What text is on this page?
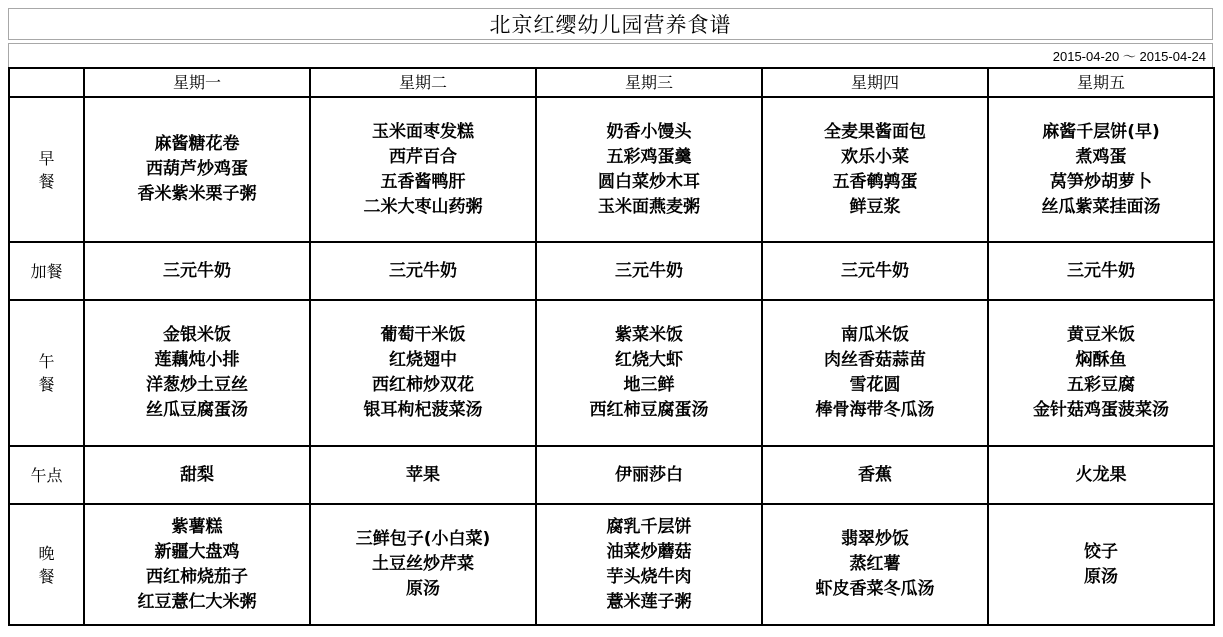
北京红缨幼儿园营养食谱
2015-04-20 ～ 2015-04-24
	星期一	星期二	星期三	星期四	星期五

早
餐	麻酱糖花卷
西葫芦炒鸡蛋
香米紫米栗子粥	玉米面枣发糕
西芹百合
五香酱鸭肝
二米大枣山药粥	奶香小馒头
五彩鸡蛋羹
圆白菜炒木耳
玉米面燕麦粥	全麦果酱面包
欢乐小菜
五香鹌鹑蛋
鲜豆浆	麻酱千层饼(早)
煮鸡蛋
莴笋炒胡萝卜
丝瓜紫菜挂面汤

加餐	三元牛奶	三元牛奶	三元牛奶	三元牛奶	三元牛奶

午
餐	金银米饭
莲藕炖小排
洋葱炒土豆丝
丝瓜豆腐蛋汤	葡萄干米饭
红烧翅中
西红柿炒双花
银耳枸杞菠菜汤	紫菜米饭
红烧大虾
地三鲜
西红柿豆腐蛋汤	南瓜米饭
肉丝香菇蒜苗
雪花圆
棒骨海带冬瓜汤	黄豆米饭
焖酥鱼
五彩豆腐
金针菇鸡蛋菠菜汤

午点	甜梨	苹果	伊丽莎白	香蕉	火龙果

晚
餐	紫薯糕
新疆大盘鸡
西红柿烧茄子
红豆薏仁大米粥	三鲜包子(小白菜)
土豆丝炒芹菜
原汤	腐乳千层饼
油菜炒蘑菇
芋头烧牛肉
薏米莲子粥	翡翠炒饭
蒸红薯
虾皮香菜冬瓜汤	饺子
原汤
